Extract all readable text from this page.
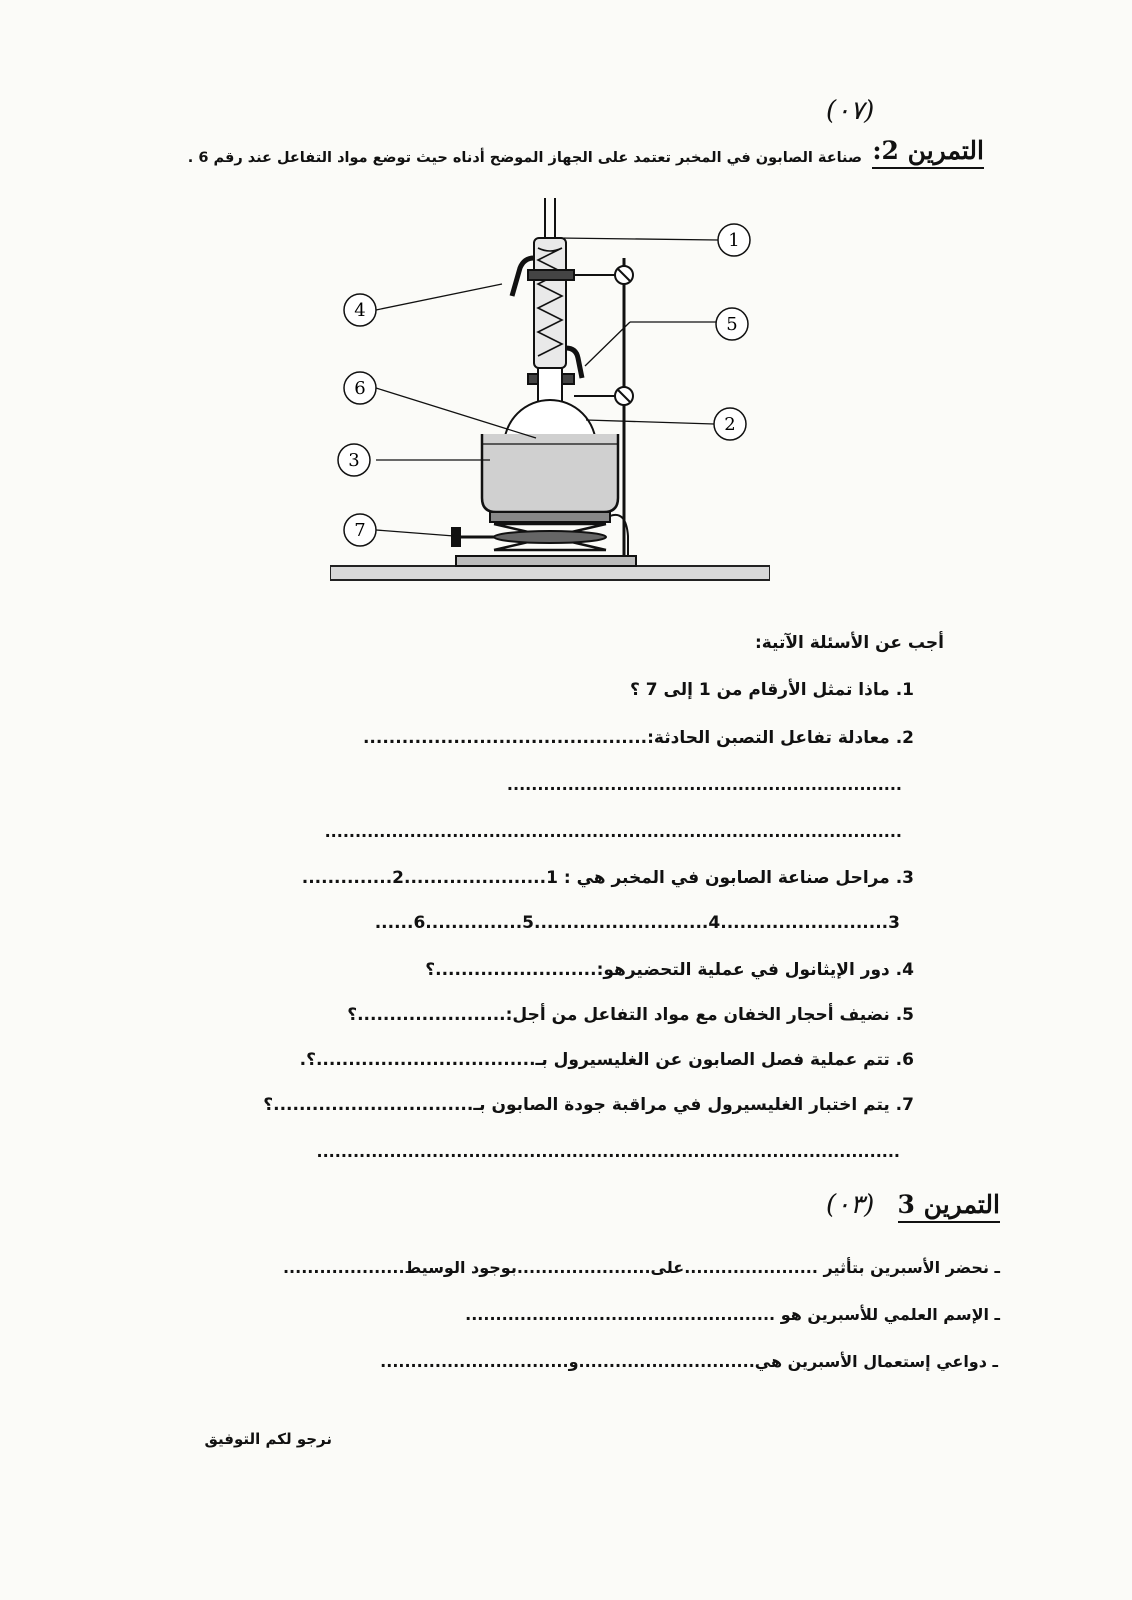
(٠٧)
التمرين 2:
صناعة الصابون في المخبر تعتمد على الجهاز الموضح أدناه حيث توضع مواد التفاعل عند رقم 6 .
1
2
3
4
5
6
7
أجب عن الأسئلة الآتية:
1. ماذا تمثل الأرقام من 1 إلى 7 ؟
2. معادلة تفاعل التصبن الحادثة:............................................
.................................................................
...............................................................................................
3. مراحل صناعة الصابون في المخبر هي : 1......................2..............
3..........................4...........................5...............6......
4. دور الإيثانول في عملية التحضيرهو:.........................؟
5. نضيف أحجار الخفان مع مواد التفاعل من أجل:.......................؟
6. تتم عملية فصل الصابون عن الغليسيرول بـ..................................؟.
7. يتم اختبار الغليسيرول في مراقبة جودة الصابون بـ...............................؟
................................................................................................
(٠٣) التمرين 3
ـ نحضر الأسبرين بتأثير ......................على......................بوجود الوسيط....................
ـ الإسم العلمي للأسبرين هو ...................................................
ـ دواعي إستعمال الأسبرين هي.............................و...............................
نرجو لكم التوفيق
